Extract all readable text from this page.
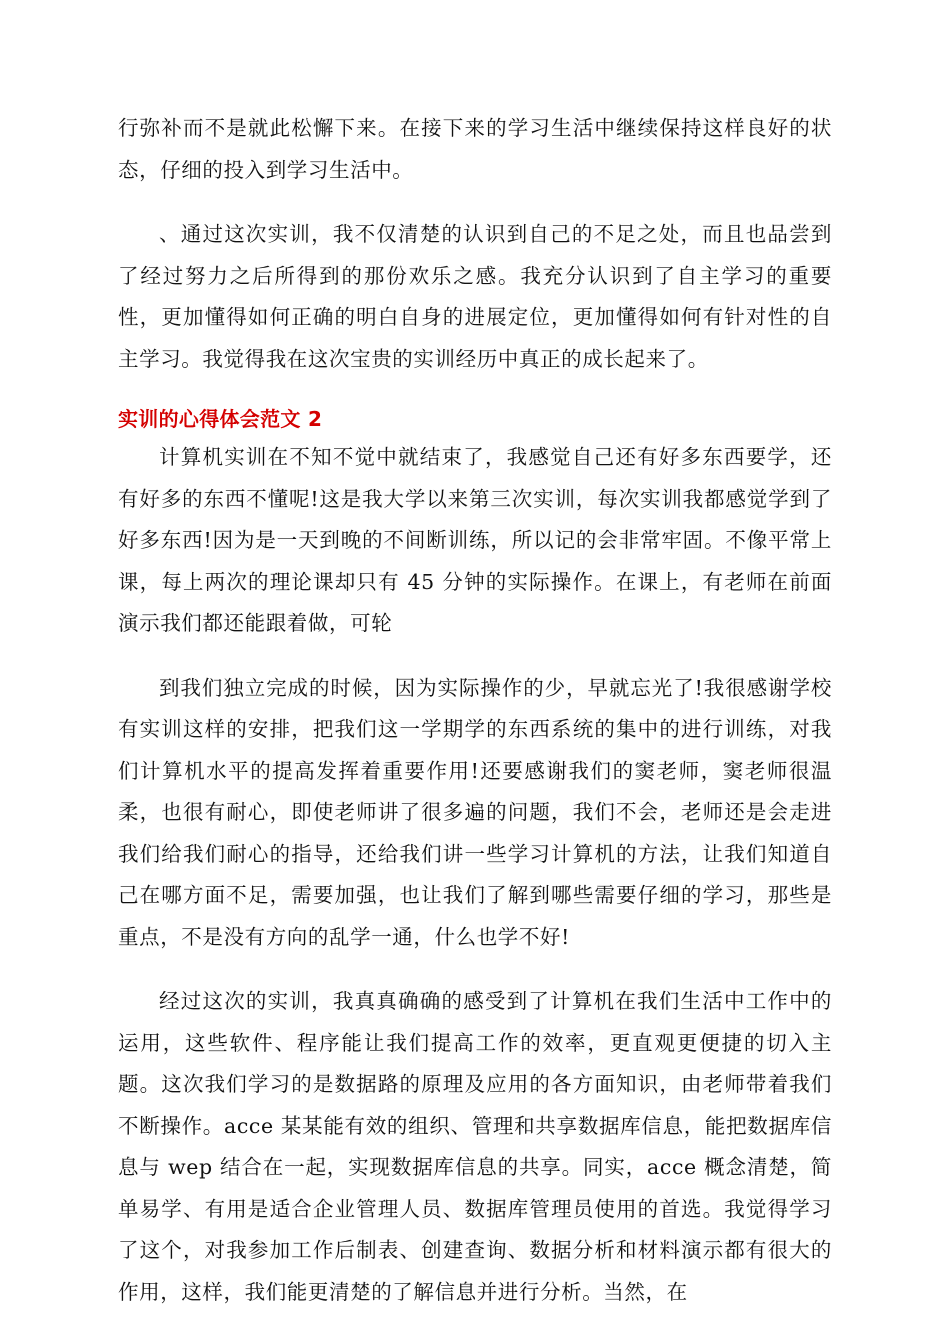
行弥补而不是就此松懈下来。在接下来的学习生活中继续保持这样良好的状态，仔细的投入到学习生活中。

、通过这次实训，我不仅清楚的认识到自己的不足之处，而且也品尝到了经过努力之后所得到的那份欢乐之感。我充分认识到了自主学习的重要性，更加懂得如何正确的明白自身的进展定位，更加懂得如何有针对性的自主学习。我觉得我在这次宝贵的实训经历中真正的成长起来了。

实训的心得体会范文 2

计算机实训在不知不觉中就结束了，我感觉自己还有好多东西要学，还有好多的东西不懂呢!这是我大学以来第三次实训，每次实训我都感觉学到了好多东西!因为是一天到晚的不间断训练，所以记的会非常牢固。不像平常上课，每上两次的理论课却只有 45 分钟的实际操作。在课上，有老师在前面演示我们都还能跟着做，可轮

到我们独立完成的时候，因为实际操作的少，早就忘光了!我很感谢学校有实训这样的安排，把我们这一学期学的东西系统的集中的进行训练，对我们计算机水平的提高发挥着重要作用!还要感谢我们的窦老师，窦老师很温柔，也很有耐心，即使老师讲了很多遍的问题，我们不会，老师还是会走进我们给我们耐心的指导，还给我们讲一些学习计算机的方法，让我们知道自己在哪方面不足，需要加强，也让我们了解到哪些需要仔细的学习，那些是重点，不是没有方向的乱学一通，什么也学不好!

经过这次的实训，我真真确确的感受到了计算机在我们生活中工作中的运用，这些软件、程序能让我们提高工作的效率，更直观更便捷的切入主题。这次我们学习的是数据路的原理及应用的各方面知识，由老师带着我们不断操作。acce 某某能有效的组织、管理和共享数据库信息，能把数据库信息与 wep 结合在一起，实现数据库信息的共享。同实，acce 概念清楚，简单易学、有用是适合企业管理人员、数据库管理员使用的首选。我觉得学习了这个，对我参加工作后制表、创建查询、数据分析和材料演示都有很大的作用，这样，我们能更清楚的了解信息并进行分析。当然，在
